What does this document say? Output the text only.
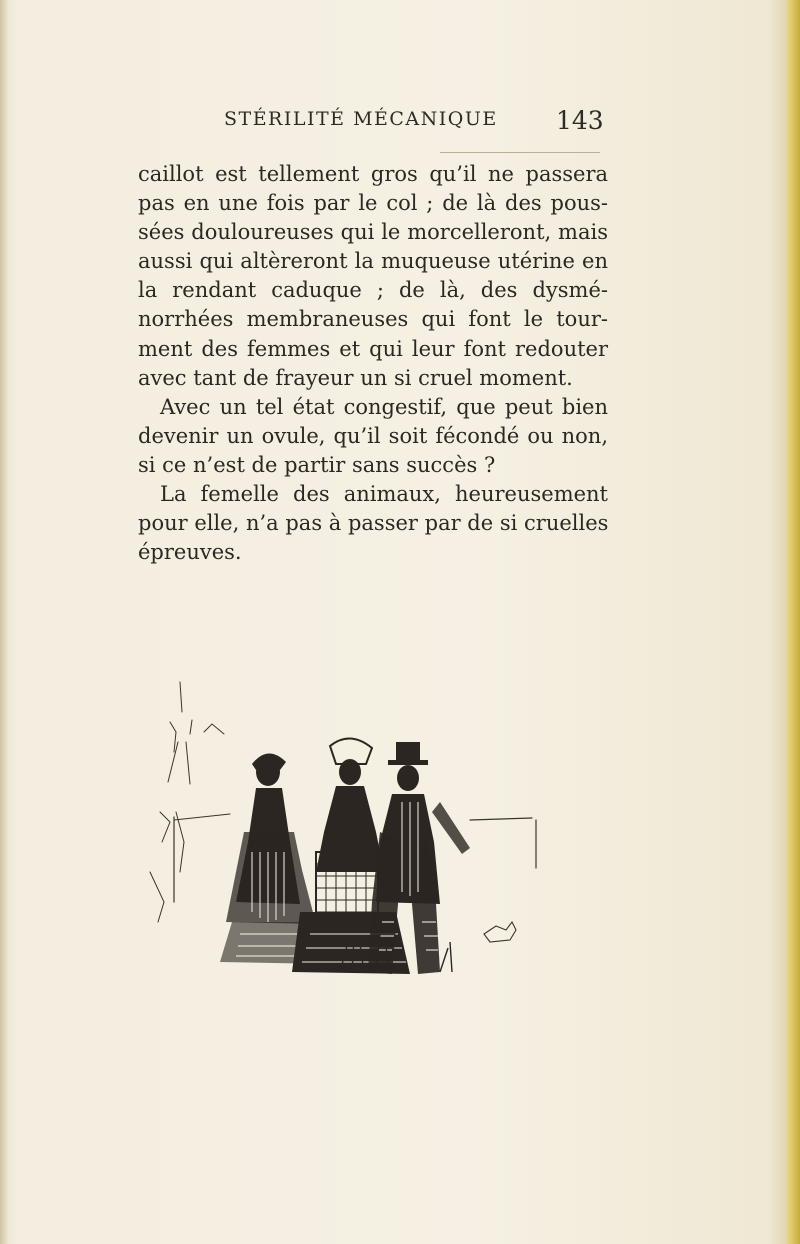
STÉRILITÉ MÉCANIQUE 143
caillot est tellement gros qu’il ne passera
pas en une fois par le col ; de là des pous-
sées douloureuses qui le morcelleront, mais
aussi qui altèreront la muqueuse utérine en
la rendant caduque ; de là, des dysmé-
norrhées membraneuses qui font le tour-
ment des femmes et qui leur font redouter
avec tant de frayeur un si cruel moment.
Avec un tel état congestif, que peut bien
devenir un ovule, qu’il soit fécondé ou non,
si ce n’est de partir sans succès ?
La femelle des animaux, heureusement
pour elle, n’a pas à passer par de si cruelles
épreuves.
